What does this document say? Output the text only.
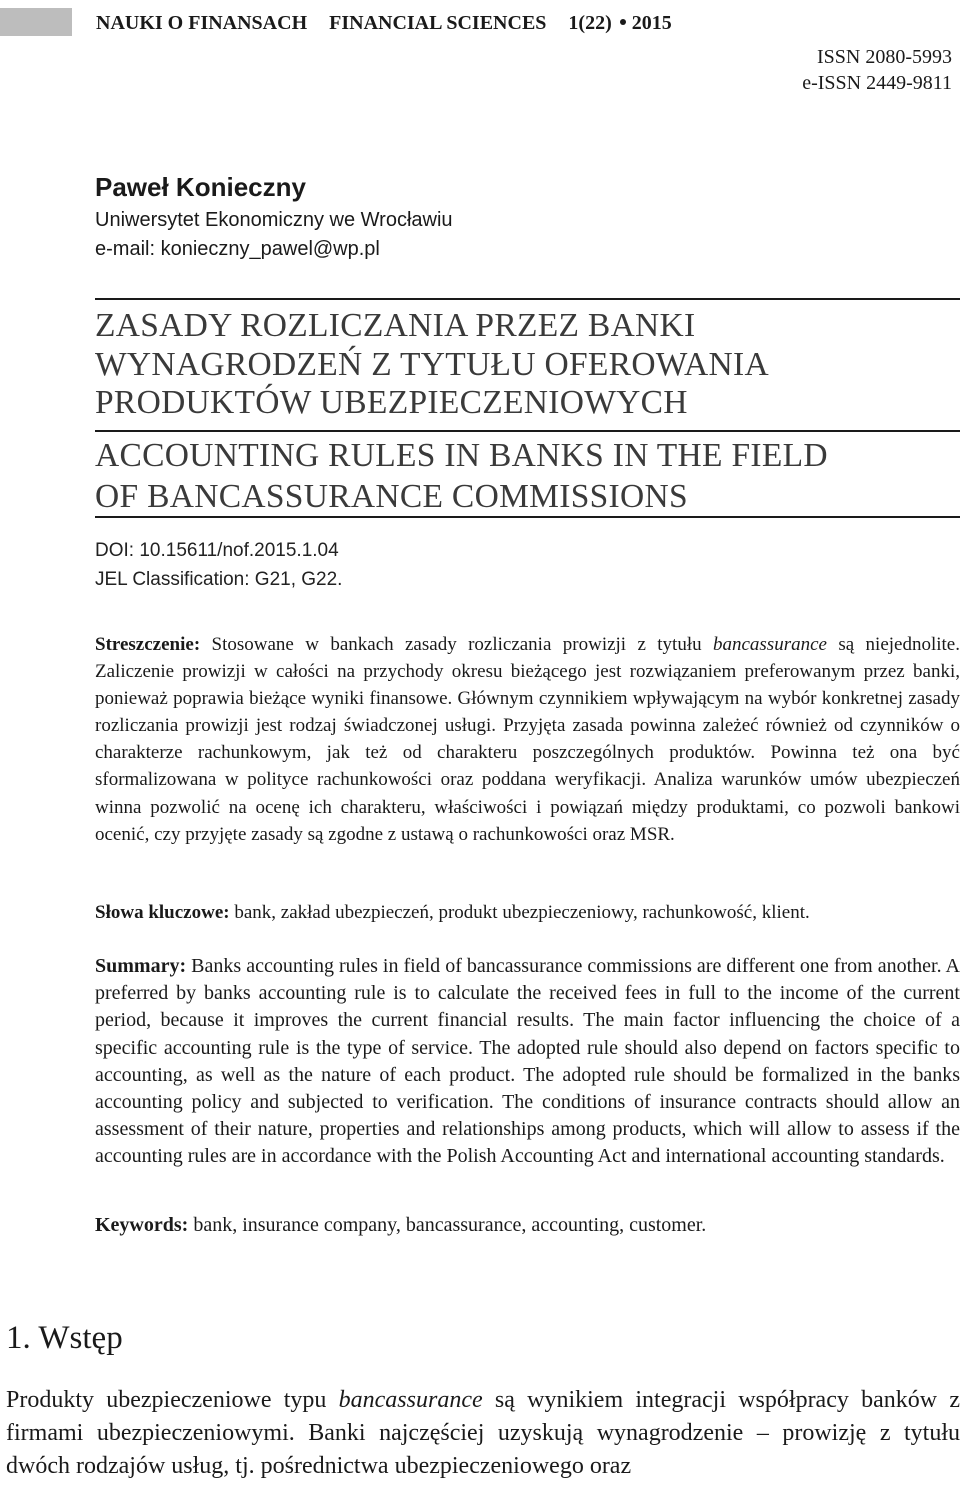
NAUKI O FINANSACH FINANCIAL SCIENCES 1(22) 2015
ISSN 2080-5993
e-ISSN 2449-9811
Paweł Konieczny
Uniwersytet Ekonomiczny we Wrocławiu
e-mail: konieczny_pawel@wp.pl
ZASADY ROZLICZANIA PRZEZ BANKI
WYNAGRODZEŃ Z TYTUŁU OFEROWANIA
PRODUKTÓW UBEZPIECZENIOWYCH
ACCOUNTING RULES IN BANKS IN THE FIELD
OF BANCASSURANCE COMMISSIONS
DOI: 10.15611/nof.2015.1.04
JEL Classification: G21, G22.
Streszczenie: Stosowane w bankach zasady rozliczania prowizji z tytułu bancassurance są niejednolite. Zaliczenie prowizji w całości na przychody okresu bieżącego jest rozwiązaniem preferowanym przez banki, ponieważ poprawia bieżące wyniki finansowe. Głównym czynnikiem wpływającym na wybór konkretnej zasady rozliczania prowizji jest rodzaj świadczonej usługi. Przyjęta zasada powinna zależeć również od czynników o charakterze rachunkowym, jak też od charakteru poszczególnych produktów. Powinna też ona być sformalizowana w polityce rachunkowości oraz poddana weryfikacji. Analiza warunków umów ubezpieczeń winna pozwolić na ocenę ich charakteru, właściwości i powiązań między produktami, co pozwoli bankowi ocenić, czy przyjęte zasady są zgodne z ustawą o rachunkowości oraz MSR.
Słowa kluczowe: bank, zakład ubezpieczeń, produkt ubezpieczeniowy, rachunkowość, klient.
Summary: Banks accounting rules in field of bancassurance commissions are different one from another. A preferred by banks accounting rule is to calculate the received fees in full to the income of the current period, because it improves the current financial results. The main factor influencing the choice of a specific accounting rule is the type of service. The adopted rule should also depend on factors specific to accounting, as well as the nature of each product. The adopted rule should be formalized in the banks accounting policy and subjected to verification. The conditions of insurance contracts should allow an assessment of their nature, properties and relationships among products, which will allow to assess if the accounting rules are in accordance with the Polish Accounting Act and international accounting standards.
Keywords: bank, insurance company, bancassurance, accounting, customer.
1. Wstęp
Produkty ubezpieczeniowe typu bancassurance są wynikiem integracji współpracy banków z firmami ubezpieczeniowymi. Banki najczęściej uzyskują wynagrodzenie – prowizję z tytułu dwóch rodzajów usług, tj. pośrednictwa ubezpieczeniowego oraz
